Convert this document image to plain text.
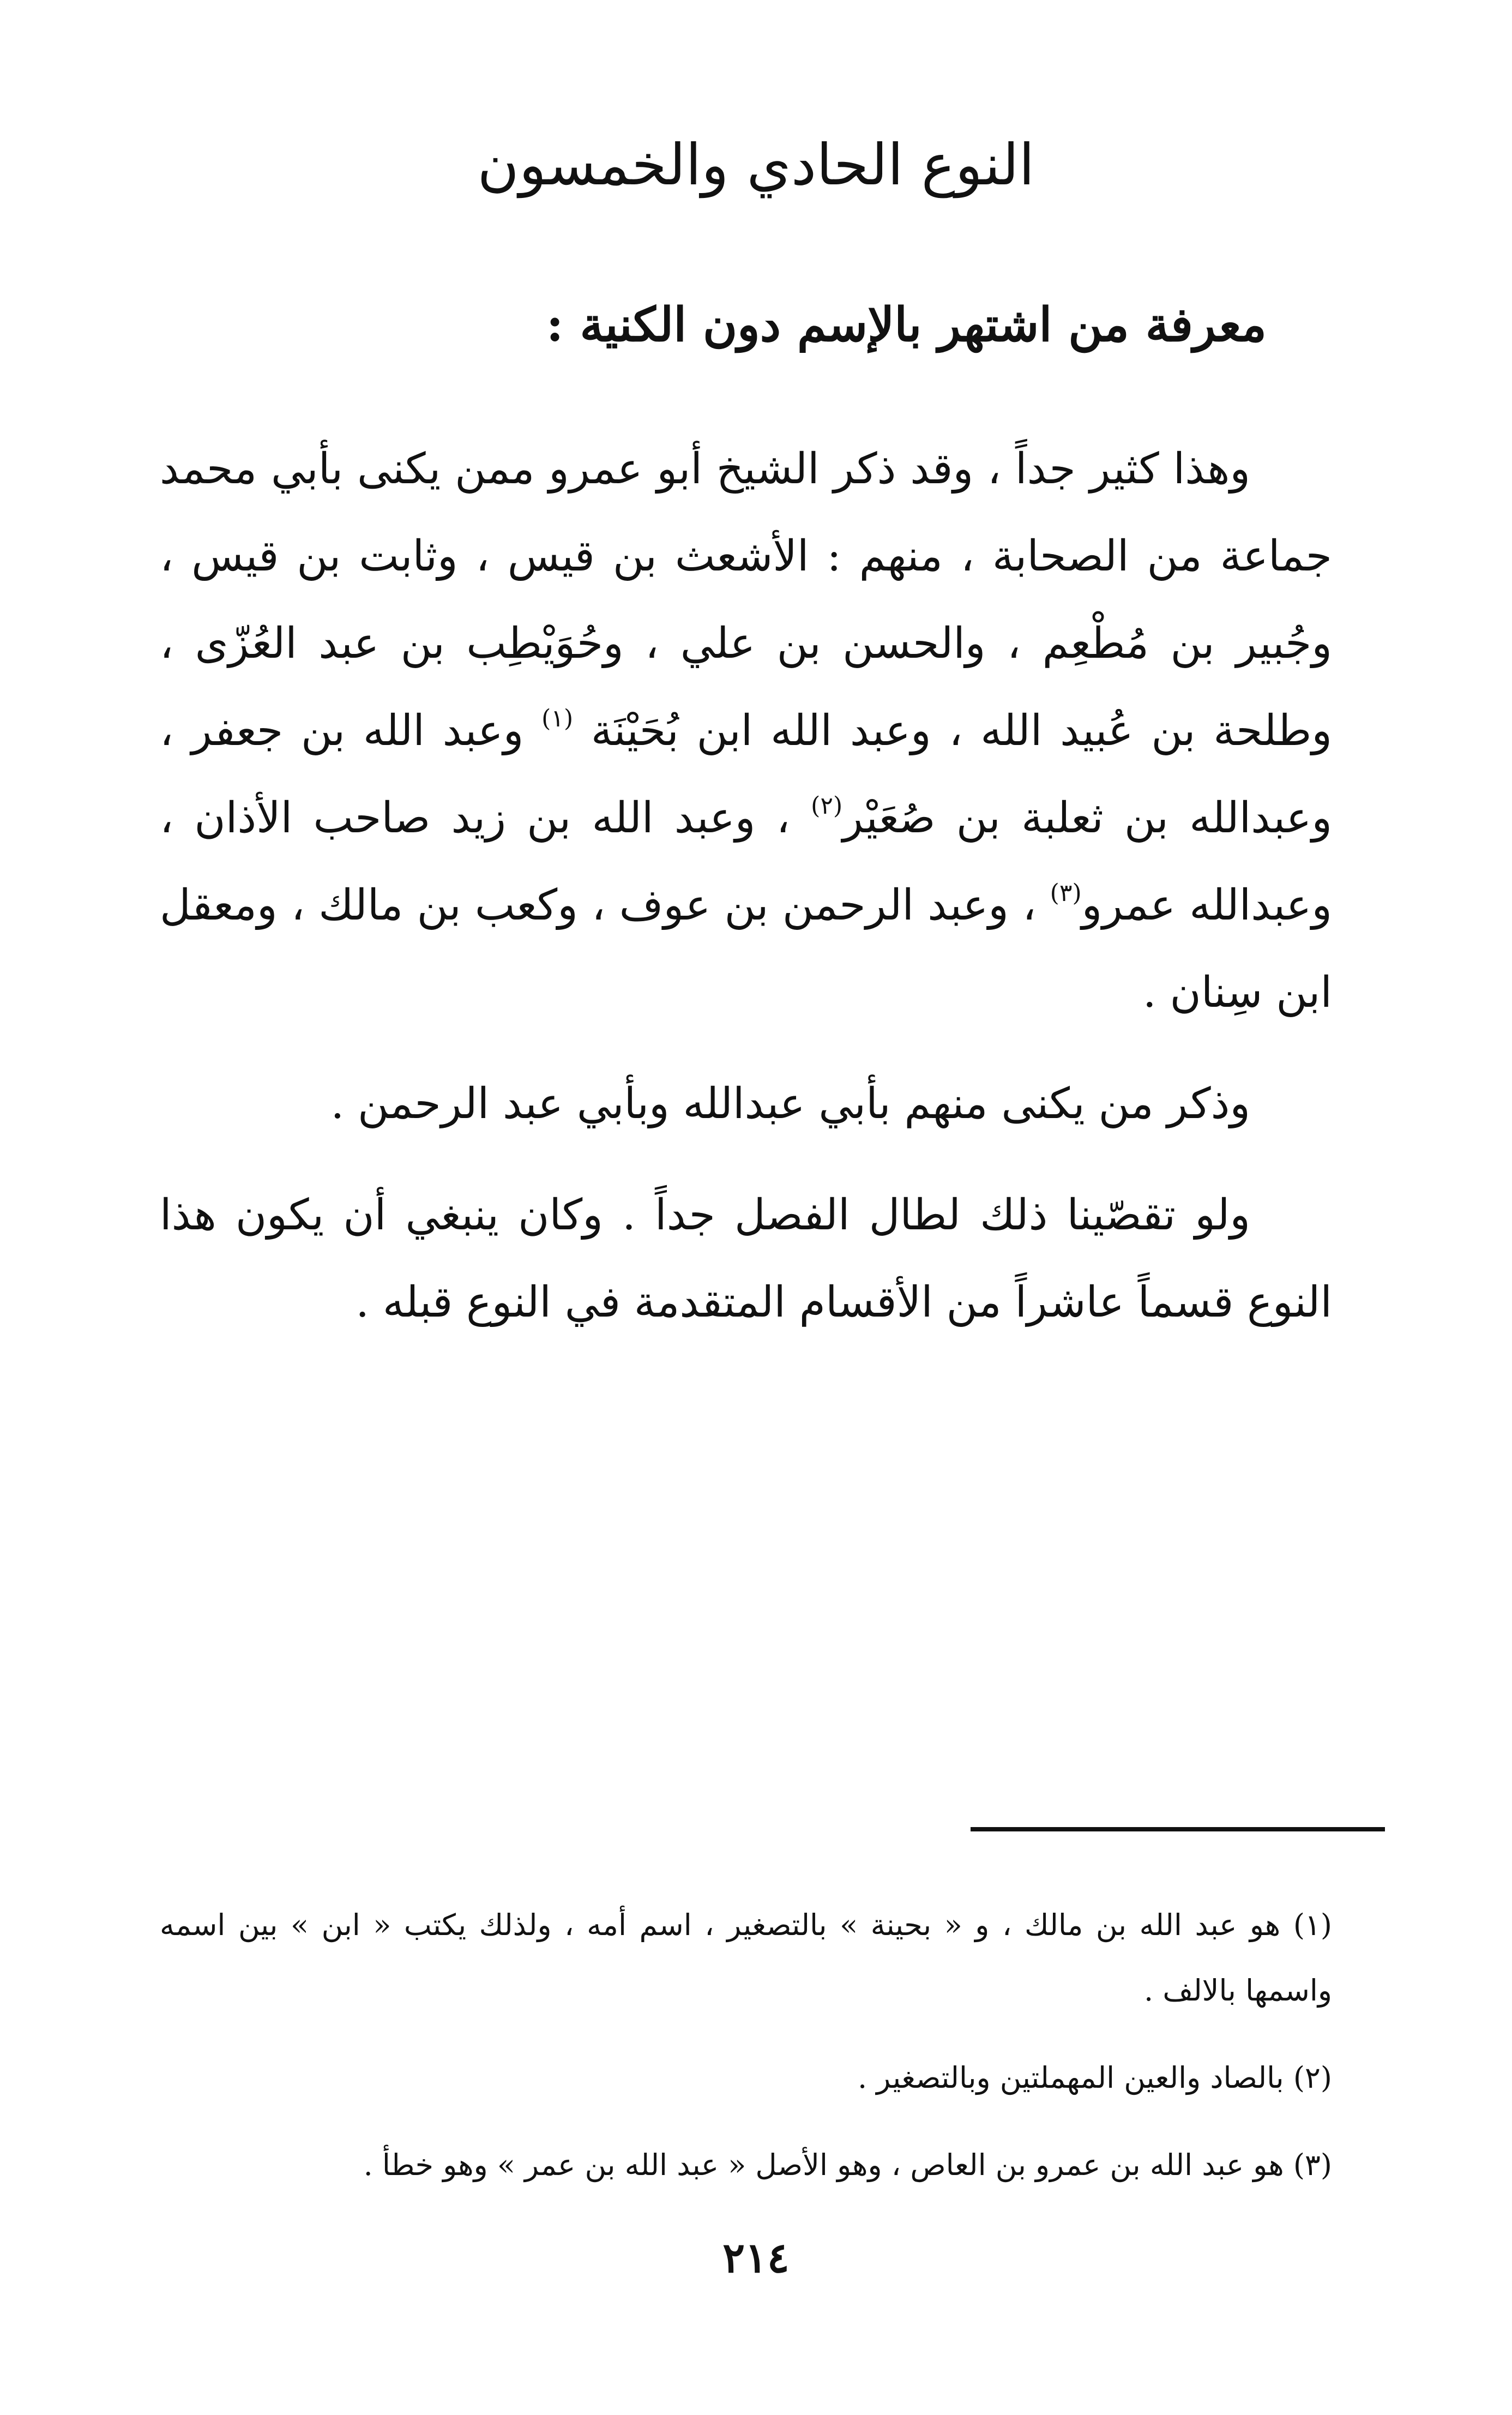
النوع الحادي والخمسون
معرفة من اشتهر بالإسم دون الكنية :

وهذا كثير جداً ، وقد ذكر الشيخ أبو عمرو ممن يكنى بأبي محمد جماعة من الصحابة ، منهم : الأشعث بن قيس ، وثابت بن قيس ، وجُبير بن مُطْعِم ، والحسن بن علي ، وحُوَيْطِب بن عبد العُزّى ، وطلحة بن عُبيد الله ، وعبد الله ابن بُحَيْنَة $^{(١)}$ وعبد الله بن جعفر ، وعبدالله بن ثعلبة بن صُعَيْر$^{(٢)}$ ، وعبد الله بن زيد صاحب الأذان ، وعبدالله عمرو$^{(٣)}$ ، وعبد الرحمن بن عوف ، وكعب بن مالك ، ومعقل ابن سِنان .

وذكر من يكنى منهم بأبي عبدالله وبأبي عبد الرحمن .

ولو تقصّينا ذلك لطال الفصل جداً . وكان ينبغي أن يكون هذا النوع قسماً عاشراً من الأقسام المتقدمة في النوع قبله .

(١) هو عبد الله بن مالك ، و « بحينة » بالتصغير ، اسم أمه ، ولذلك يكتب « ابن » بين اسمه واسمها بالالف .

(٢) بالصاد والعين المهملتين وبالتصغير .

(٣) هو عبد الله بن عمرو بن العاص ، وهو الأصل « عبد الله بن عمر » وهو خطأ .

٢١٤
